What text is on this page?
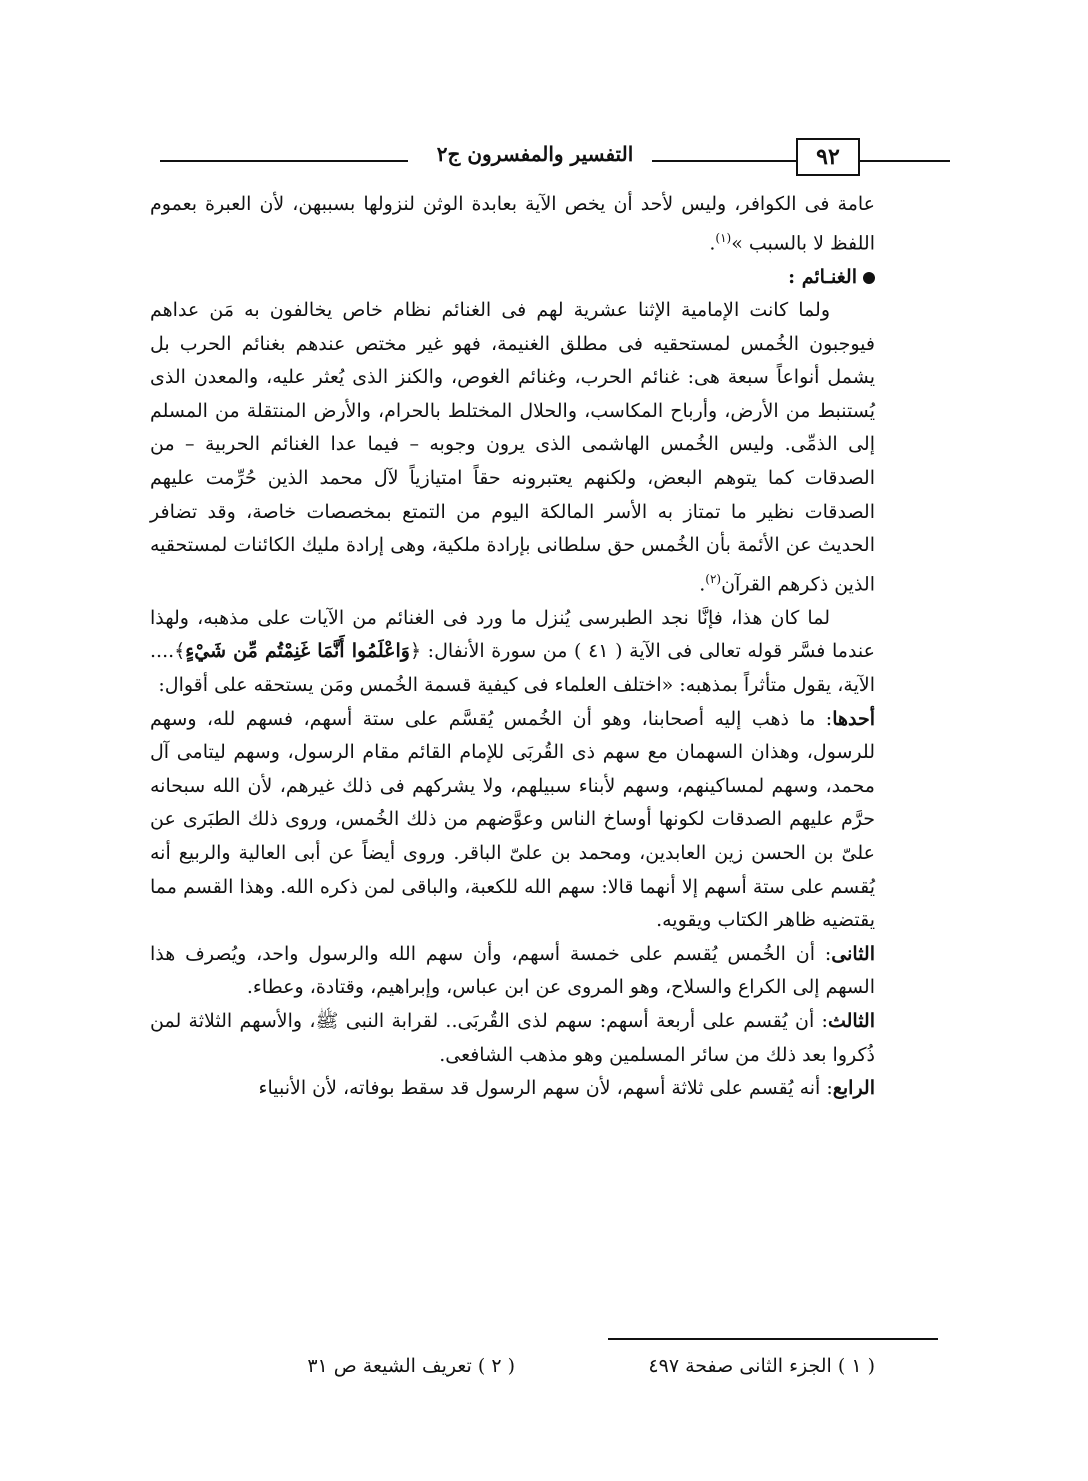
٩٢
التفسير والمفسرون ج٢

عامة فى الكوافر، وليس لأحد أن يخص الآية بعابدة الوثن لنزولها بسببهن، لأن العبرة بعموم اللفظ لا بالسبب »$^{(١)}$.

الغنـائم :

ولما كانت الإمامية الإثنا عشرية لهم فى الغنائم نظام خاص يخالفون به مَن عداهم فيوجبون الخُمس لمستحقيه فى مطلق الغنيمة، فهو غير مختص عندهم بغنائم الحرب بل يشمل أنواعاً سبعة هى: غنائم الحرب، وغنائم الغوص، والكنز الذى يُعثر عليه، والمعدن الذى يُستنبط من الأرض، وأرباح المكاسب، والحلال المختلط بالحرام، والأرض المنتقلة من المسلم إلى الذمِّى. وليس الخُمس الهاشمى الذى يرون وجوبه – فيما عدا الغنائم الحربية – من الصدقات كما يتوهم البعض، ولكنهم يعتبرونه حقاً امتيازياً لآل محمد الذين حُرِّمت عليهم الصدقات نظير ما تمتاز به الأسر المالكة اليوم من التمتع بمخصصات خاصة، وقد تضافر الحديث عن الأئمة بأن الخُمس حق سلطانى بإرادة ملكية، وهى إرادة مليك الكائنات لمستحقيه الذين ذكرهم القرآن$^{(٢)}$.

لما كان هذا، فإنَّا نجد الطبرسى يُنزل ما ورد فى الغنائم من الآيات على مذهبه، ولهذا عندما فسَّر قوله تعالى فى الآية ( ٤١ ) من سورة الأنفال: ﴿وَاعْلَمُوا أَنَّمَا غَنِمْتُم مِّن شَيْءٍ﴾.... الآية، يقول متأثراً بمذهبه: «اختلف العلماء فى كيفية قسمة الخُمس ومَن يستحقه على أقوال:

أحدها: ما ذهب إليه أصحابنا، وهو أن الخُمس يُقسَّم على ستة أسهم، فسهم لله، وسهم للرسول، وهذان السهمان مع سهم ذى القُربَى للإمام القائم مقام الرسول، وسهم ليتامى آل محمد، وسهم لمساكينهم، وسهم لأبناء سبيلهم، ولا يشركهم فى ذلك غيرهم، لأن الله سبحانه حرَّم عليهم الصدقات لكونها أوساخ الناس وعوَّضهم من ذلك الخُمس، وروى ذلك الطبَرى عن علىّ بن الحسن زين العابدين، ومحمد بن علىّ الباقر. وروى أيضاً عن أبى العالية والربيع أنه يُقسم على ستة أسهم إلا أنهما قالا: سهم الله للكعبة، والباقى لمن ذكره الله. وهذا القسم مما يقتضيه ظاهر الكتاب ويقويه.

الثانى: أن الخُمس يُقسم على خمسة أسهم، وأن سهم الله والرسول واحد، ويُصرف هذا السهم إلى الكراع والسلاح، وهو المروى عن ابن عباس، وإبراهيم، وقتادة، وعطاء.

الثالث: أن يُقسم على أربعة أسهم: سهم لذى القُربَى.. لقرابة النبى ﷺ، والأسهم الثلاثة لمن ذُكروا بعد ذلك من سائر المسلمين وهو مذهب الشافعى.

الرابع: أنه يُقسم على ثلاثة أسهم، لأن سهم الرسول قد سقط بوفاته، لأن الأنبياء

( ١ ) الجزء الثانى صفحة ٤٩٧
( ٢ ) تعريف الشيعة ص ٣١
